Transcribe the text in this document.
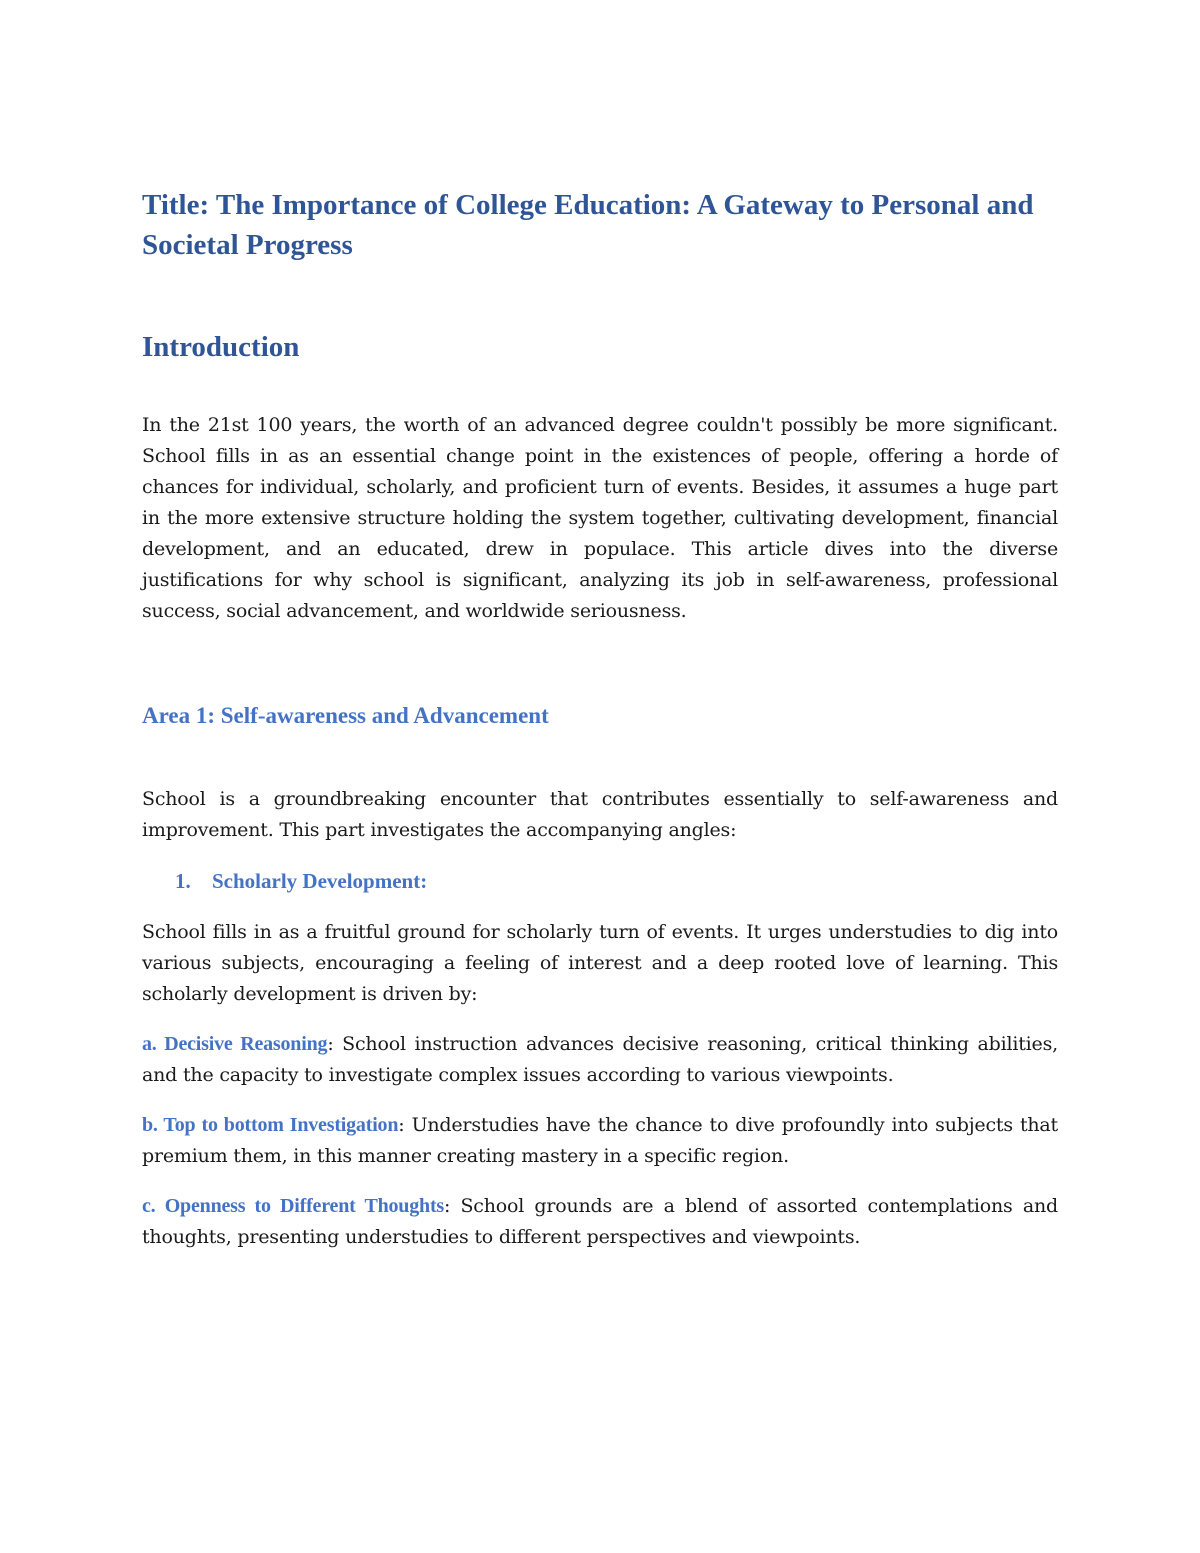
Title: The Importance of College Education: A Gateway to Personal and Societal Progress
Introduction

In the 21st 100 years, the worth of an advanced degree couldn't possibly be more significant. School fills in as an essential change point in the existences of people, offering a horde of chances for individual, scholarly, and proficient turn of events. Besides, it assumes a huge part in the more extensive structure holding the system together, cultivating development, financial development, and an educated, drew in populace. This article dives into the diverse justifications for why school is significant, analyzing its job in self-awareness, professional success, social advancement, and worldwide seriousness.

Area 1: Self-awareness and Advancement

School is a groundbreaking encounter that contributes essentially to self-awareness and improvement. This part investigates the accompanying angles:

1.	Scholarly Development:

School fills in as a fruitful ground for scholarly turn of events. It urges understudies to dig into various subjects, encouraging a feeling of interest and a deep rooted love of learning. This scholarly development is driven by:

a. Decisive Reasoning: School instruction advances decisive reasoning, critical thinking abilities, and the capacity to investigate complex issues according to various viewpoints.

b. Top to bottom Investigation: Understudies have the chance to dive profoundly into subjects that premium them, in this manner creating mastery in a specific region.

c. Openness to Different Thoughts: School grounds are a blend of assorted contemplations and thoughts, presenting understudies to different perspectives and viewpoints.
